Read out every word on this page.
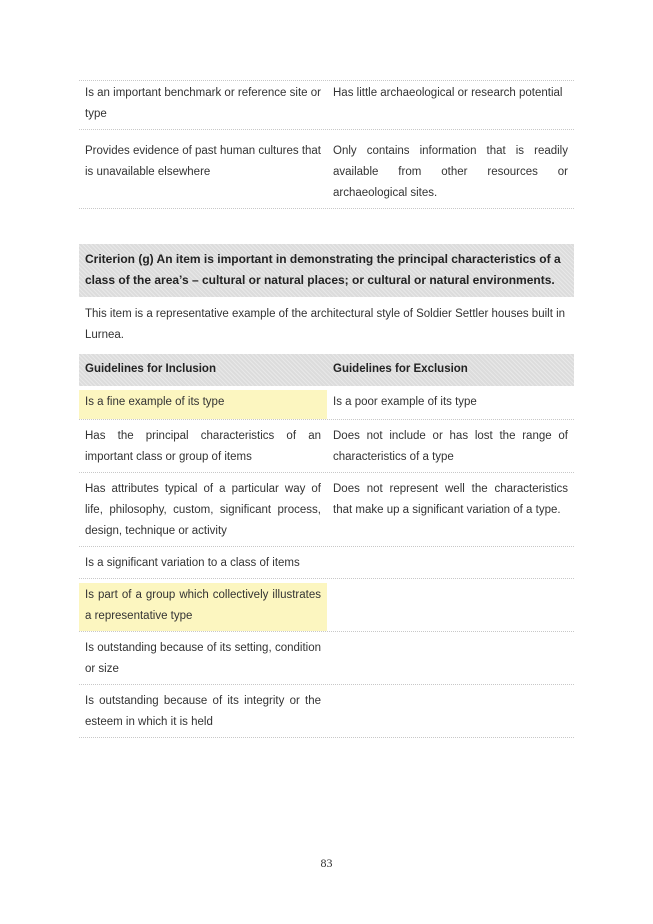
Is an important benchmark or reference site or type
Has little archaeological or research potential
Provides evidence of past human cultures that is unavailable elsewhere
Only contains information that is readily available from other resources or archaeological sites.
Criterion (g) An item is important in demonstrating the principal characteristics of a class of the area’s – cultural or natural places; or cultural or natural environments.
This item is a representative example of the architectural style of Soldier Settler houses built in Lurnea.
Guidelines for Inclusion	Guidelines for Exclusion
Is a fine example of its type	Is a poor example of its type
Has the principal characteristics of an important class or group of items
Does not include or has lost the range of characteristics of a type
Has attributes typical of a particular way of life, philosophy, custom, significant process, design, technique or activity
Does not represent well the characteristics that make up a significant variation of a type.
Is a significant variation to a class of items
Is part of a group which collectively illustrates a representative type
Is outstanding because of its setting, condition or size
Is outstanding because of its integrity or the esteem in which it is held
83
